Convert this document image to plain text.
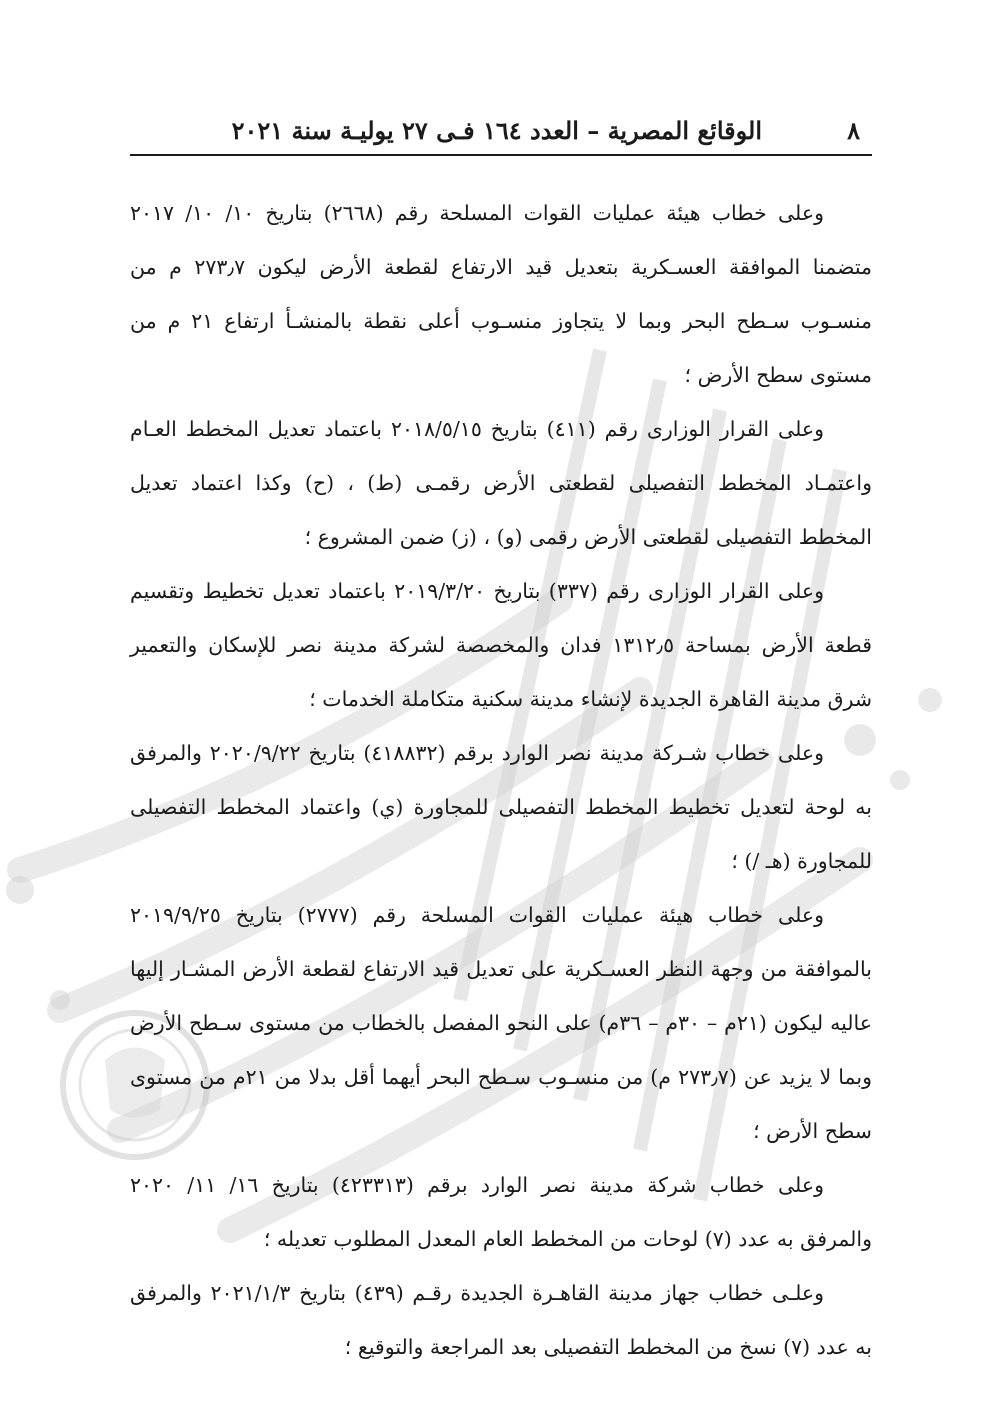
٨
الوقائع المصرية – العدد ١٦٤ فـى ٢٧ يوليـة سنة ٢٠٢١

وعلى خطاب هيئة عمليات القوات المسلحة رقم (٢٦٦٨) بتاريخ ١٠/ ١٠/ ٢٠١٧ متضمنا الموافقة العسـكرية بتعديل قيد الارتفاع لقطعة الأرض ليكون ٢٧٣٫٧ م من منسـوب سـطح البحر وبما لا يتجاوز منسـوب أعلى نقطة بالمنشـأ ارتفاع ٢١ م من مستوى سطح الأرض ؛

وعلى القرار الوزارى رقم (٤١١) بتاريخ ٢٠١٨/٥/١٥ باعتماد تعديل المخطط العـام واعتمـاد المخطط التفصيلى لقطعتى الأرض رقمـى (ط) ، (ح) وكذا اعتماد تعديل المخطط التفصيلى لقطعتى الأرض رقمى (و) ، (ز) ضمن المشروع ؛

وعلى القرار الوزارى رقم (٣٣٧) بتاريخ ٢٠١٩/٣/٢٠ باعتماد تعديل تخطيط وتقسيم قطعة الأرض بمساحة ١٣١٢٫٥ فدان والمخصصة لشركة مدينة نصر للإسكان والتعمير شرق مدينة القاهرة الجديدة لإنشاء مدينة سكنية متكاملة الخدمات ؛

وعلى خطاب شـركة مدينة نصر الوارد برقم (٤١٨٨٣٢) بتاريخ ٢٠٢٠/٩/٢٢ والمرفق به لوحة لتعديل تخطيط المخطط التفصيلى للمجاورة (ي) واعتماد المخطط التفصيلى للمجاورة (هـ /) ؛

وعلى خطاب هيئة عمليات القوات المسلحة رقم (٢٧٧٧) بتاريخ ٢٠١٩/٩/٢٥ بالموافقة من وجهة النظر العسـكرية على تعديل قيد الارتفاع لقطعة الأرض المشـار إليها عاليه ليكون (٢١م – ٣٠م – ٣٦م) على النحو المفصل بالخطاب من مستوى سـطح الأرض وبما لا يزيد عن (٢٧٣٫٧ م) من منسـوب سـطح البحر أيهما أقل بدلا من ٢١م من مستوى سطح الأرض ؛

وعلى خطاب شركة مدينة نصر الوارد برقم (٤٢٣٣١٣) بتاريخ ١٦/ ١١/ ٢٠٢٠ والمرفق به عدد (٧) لوحات من المخطط العام المعدل المطلوب تعديله ؛

وعلـى خطاب جهاز مدينة القاهـرة الجديدة رقـم (٤٣٩) بتاريخ ٢٠٢١/١/٣ والمرفق به عدد (٧) نسخ من المخطط التفصيلى بعد المراجعة والتوقيع ؛
